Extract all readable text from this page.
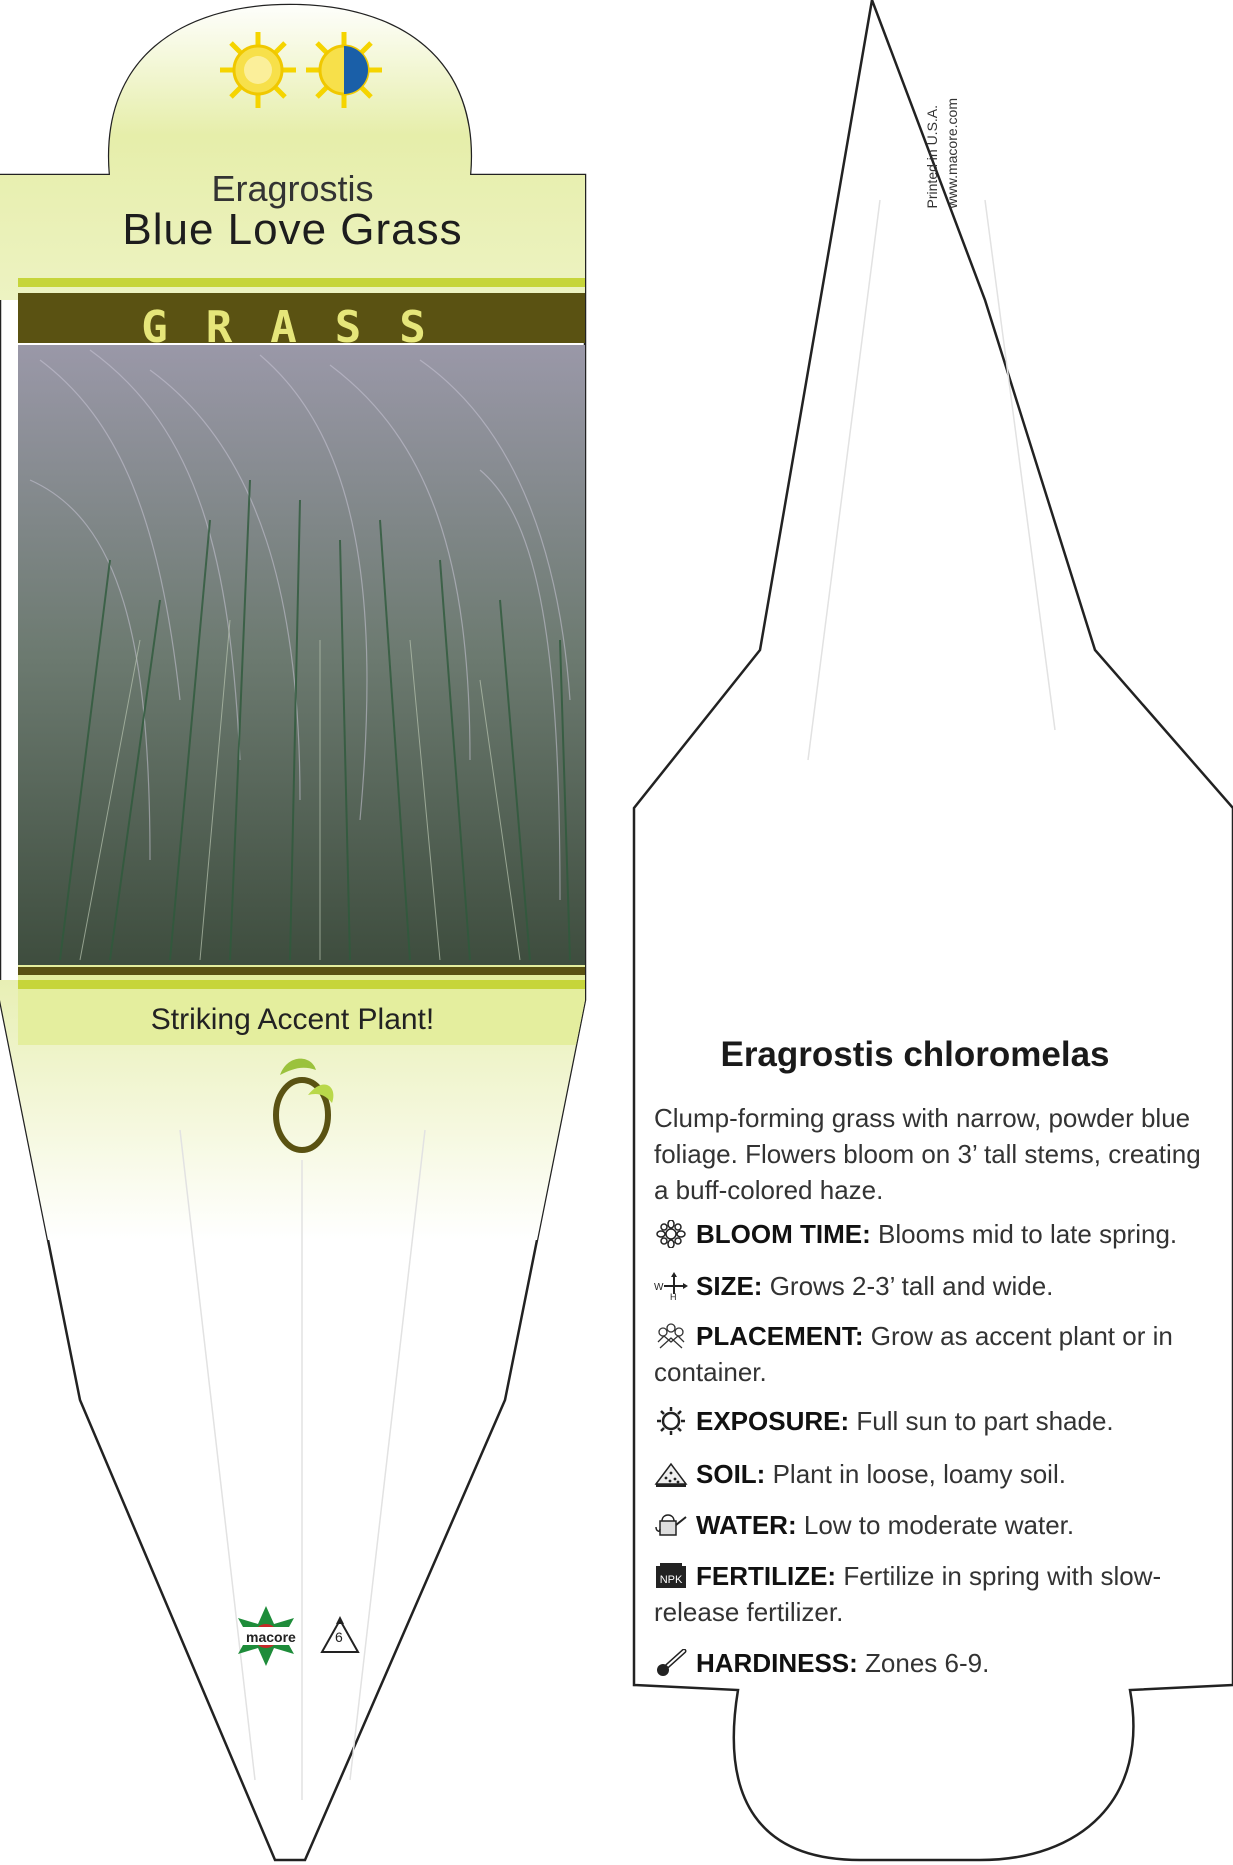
Eragrostis
Blue Love Grass
GRASS
Striking Accent Plant!
macore	6
Printed in U.S.A. www.macore.com
Eragrostis chloromelas
Clump-forming grass with narrow, powder blue foliage. Flowers bloom on 3’ tall stems, creating a buff-colored haze.
BLOOM TIME: Blooms mid to late spring.
W
H SIZE: Grows 2-3’ tall and wide.
PLACEMENT: Grow as accent plant or in container.
EXPOSURE: Full sun to part shade.
SOIL: Plant in loose, loamy soil.
WATER: Low to moderate water.
NPK FERTILIZE: Fertilize in spring with slow-release fertilizer.
HARDINESS: Zones 6-9.
